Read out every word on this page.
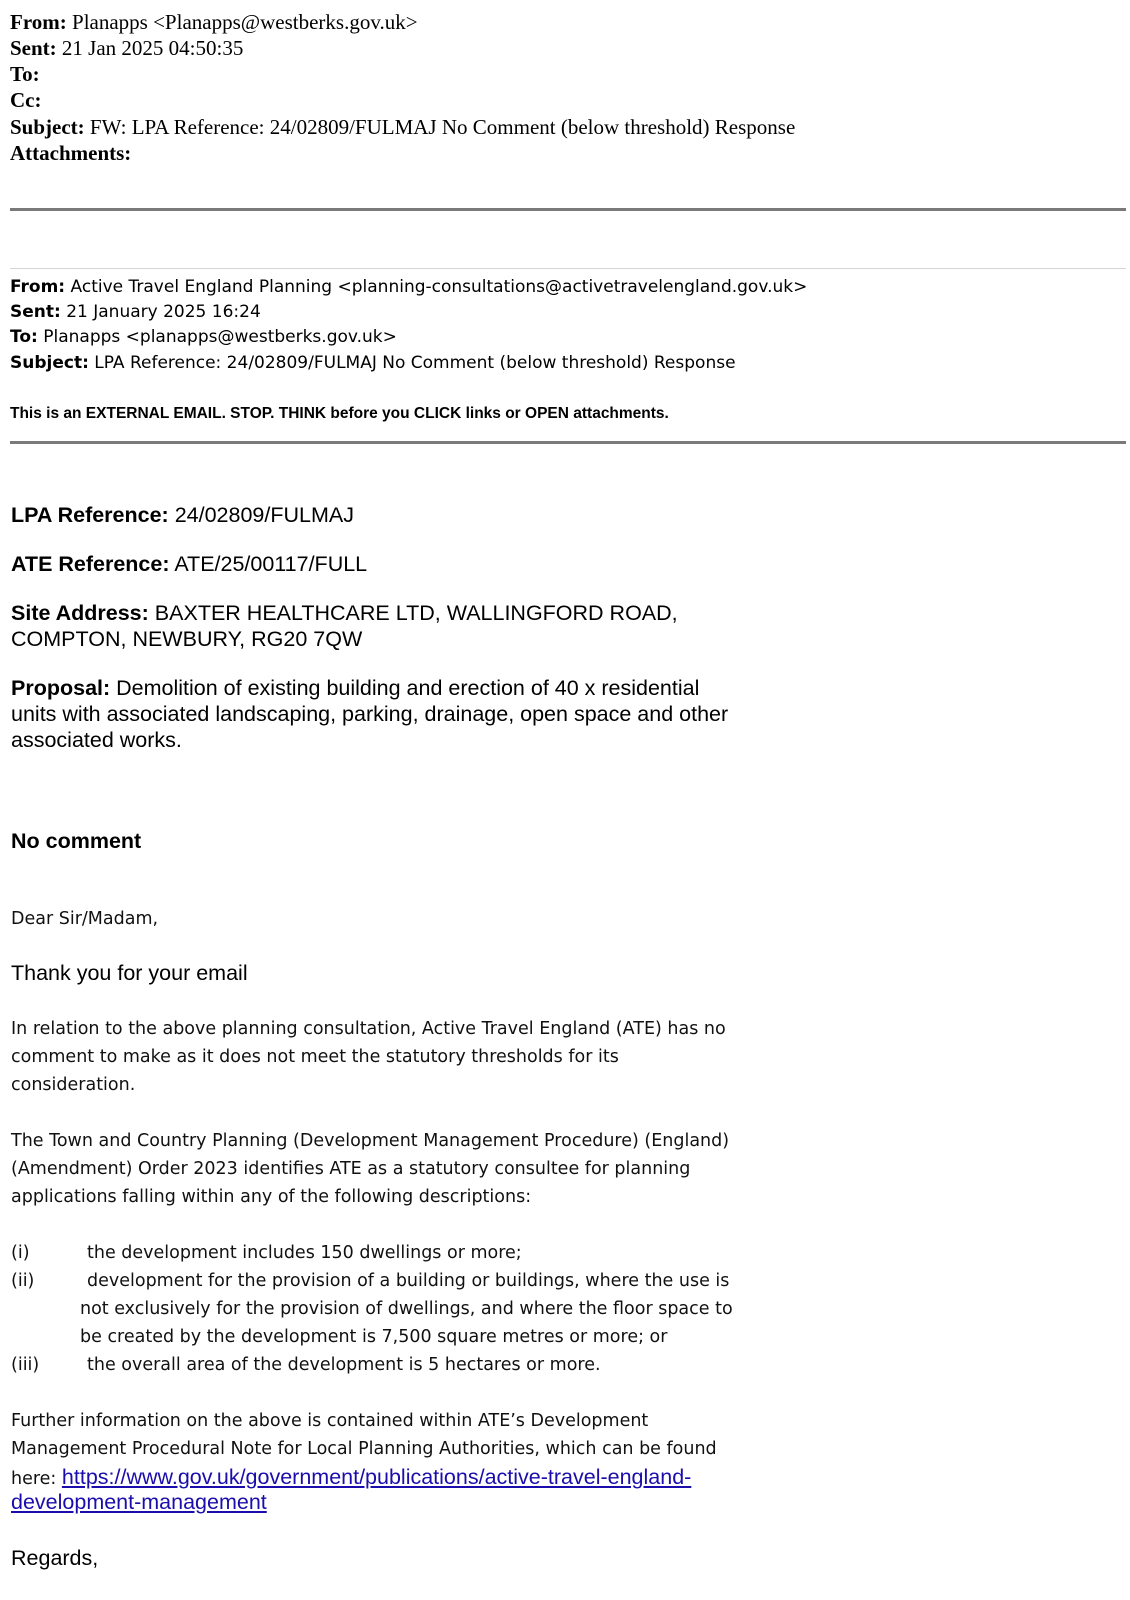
From: Planapps <Planapps@westberks.gov.uk>
Sent: 21 Jan 2025 04:50:35
To:
Cc:
Subject: FW: LPA Reference: 24/02809/FULMAJ No Comment (below threshold) Response
Attachments:
From: Active Travel England Planning <planning-consultations@activetravelengland.gov.uk>
Sent: 21 January 2025 16:24
To: Planapps <planapps@westberks.gov.uk>
Subject: LPA Reference: 24/02809/FULMAJ No Comment (below threshold) Response
This is an EXTERNAL EMAIL. STOP. THINK before you CLICK links or OPEN attachments.
LPA Reference: 24/02809/FULMAJ
ATE Reference: ATE/25/00117/FULL
Site Address: BAXTER HEALTHCARE LTD, WALLINGFORD ROAD,
COMPTON, NEWBURY, RG20 7QW
Proposal: Demolition of existing building and erection of 40 x residential
units with associated landscaping, parking, drainage, open space and other
associated works.
No comment
Dear Sir/Madam,
Thank you for your email
In relation to the above planning consultation, Active Travel England (ATE) has no
comment to make as it does not meet the statutory thresholds for its
consideration.
The Town and Country Planning (Development Management Procedure) (England)
(Amendment) Order 2023 identifies ATE as a statutory consultee for planning
applications falling within any of the following descriptions:
(i)	the development includes 150 dwellings or more;
(ii)	development for the provision of a building or buildings, where the use is
not exclusively for the provision of dwellings, and where the floor space to
be created by the development is 7,500 square metres or more; or
(iii)	the overall area of the development is 5 hectares or more.
Further information on the above is contained within ATE’s Development
Management Procedural Note for Local Planning Authorities, which can be found
here: https://www.gov.uk/government/publications/active-travel-england-
development-management
Regards,
